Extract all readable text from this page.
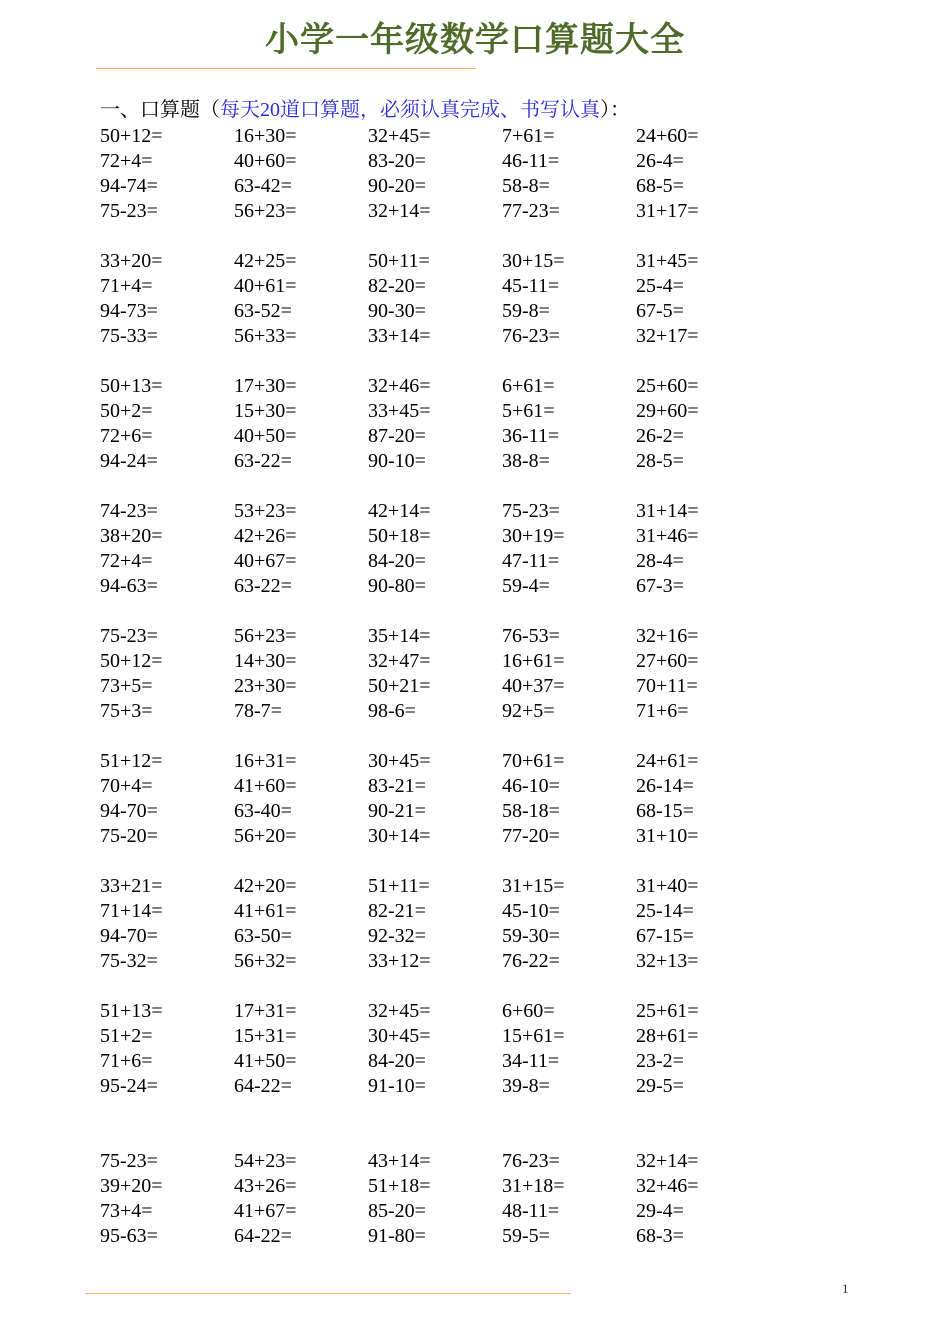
小学一年级数学口算题大全
一、口算题（每天20道口算题，必须认真完成、书写认真）：
50+12=	16+30=	32+45=	7+61=	24+60=
72+4=	40+60=	83-20=	46-11=	26-4=
94-74=	63-42=	90-20=	58-8=	68-5=
75-23=	56+23=	32+14=	77-23=	31+17=
33+20=	42+25=	50+11=	30+15=	31+45=
71+4=	40+61=	82-20=	45-11=	25-4=
94-73=	63-52=	90-30=	59-8=	67-5=
75-33=	56+33=	33+14=	76-23=	32+17=
50+13=	17+30=	32+46=	6+61=	25+60=
50+2=	15+30=	33+45=	5+61=	29+60=
72+6=	40+50=	87-20=	36-11=	26-2=
94-24=	63-22=	90-10=	38-8=	28-5=
74-23=	53+23=	42+14=	75-23=	31+14=
38+20=	42+26=	50+18=	30+19=	31+46=
72+4=	40+67=	84-20=	47-11=	28-4=
94-63=	63-22=	90-80=	59-4=	67-3=
75-23=	56+23=	35+14=	76-53=	32+16=
50+12=	14+30=	32+47=	16+61=	27+60=
73+5=	23+30=	50+21=	40+37=	70+11=
75+3=	78-7=	98-6=	92+5=	71+6=
51+12=	16+31=	30+45=	70+61=	24+61=
70+4=	41+60=	83-21=	46-10=	26-14=
94-70=	63-40=	90-21=	58-18=	68-15=
75-20=	56+20=	30+14=	77-20=	31+10=
33+21=	42+20=	51+11=	31+15=	31+40=
71+14=	41+61=	82-21=	45-10=	25-14=
94-70=	63-50=	92-32=	59-30=	67-15=
75-32=	56+32=	33+12=	76-22=	32+13=
51+13=	17+31=	32+45=	6+60=	25+61=
51+2=	15+31=	30+45=	15+61=	28+61=
71+6=	41+50=	84-20=	34-11=	23-2=
95-24=	64-22=	91-10=	39-8=	29-5=
75-23=	54+23=	43+14=	76-23=	32+14=
39+20=	43+26=	51+18=	31+18=	32+46=
73+4=	41+67=	85-20=	48-11=	29-4=
95-63=	64-22=	91-80=	59-5=	68-3=
1
